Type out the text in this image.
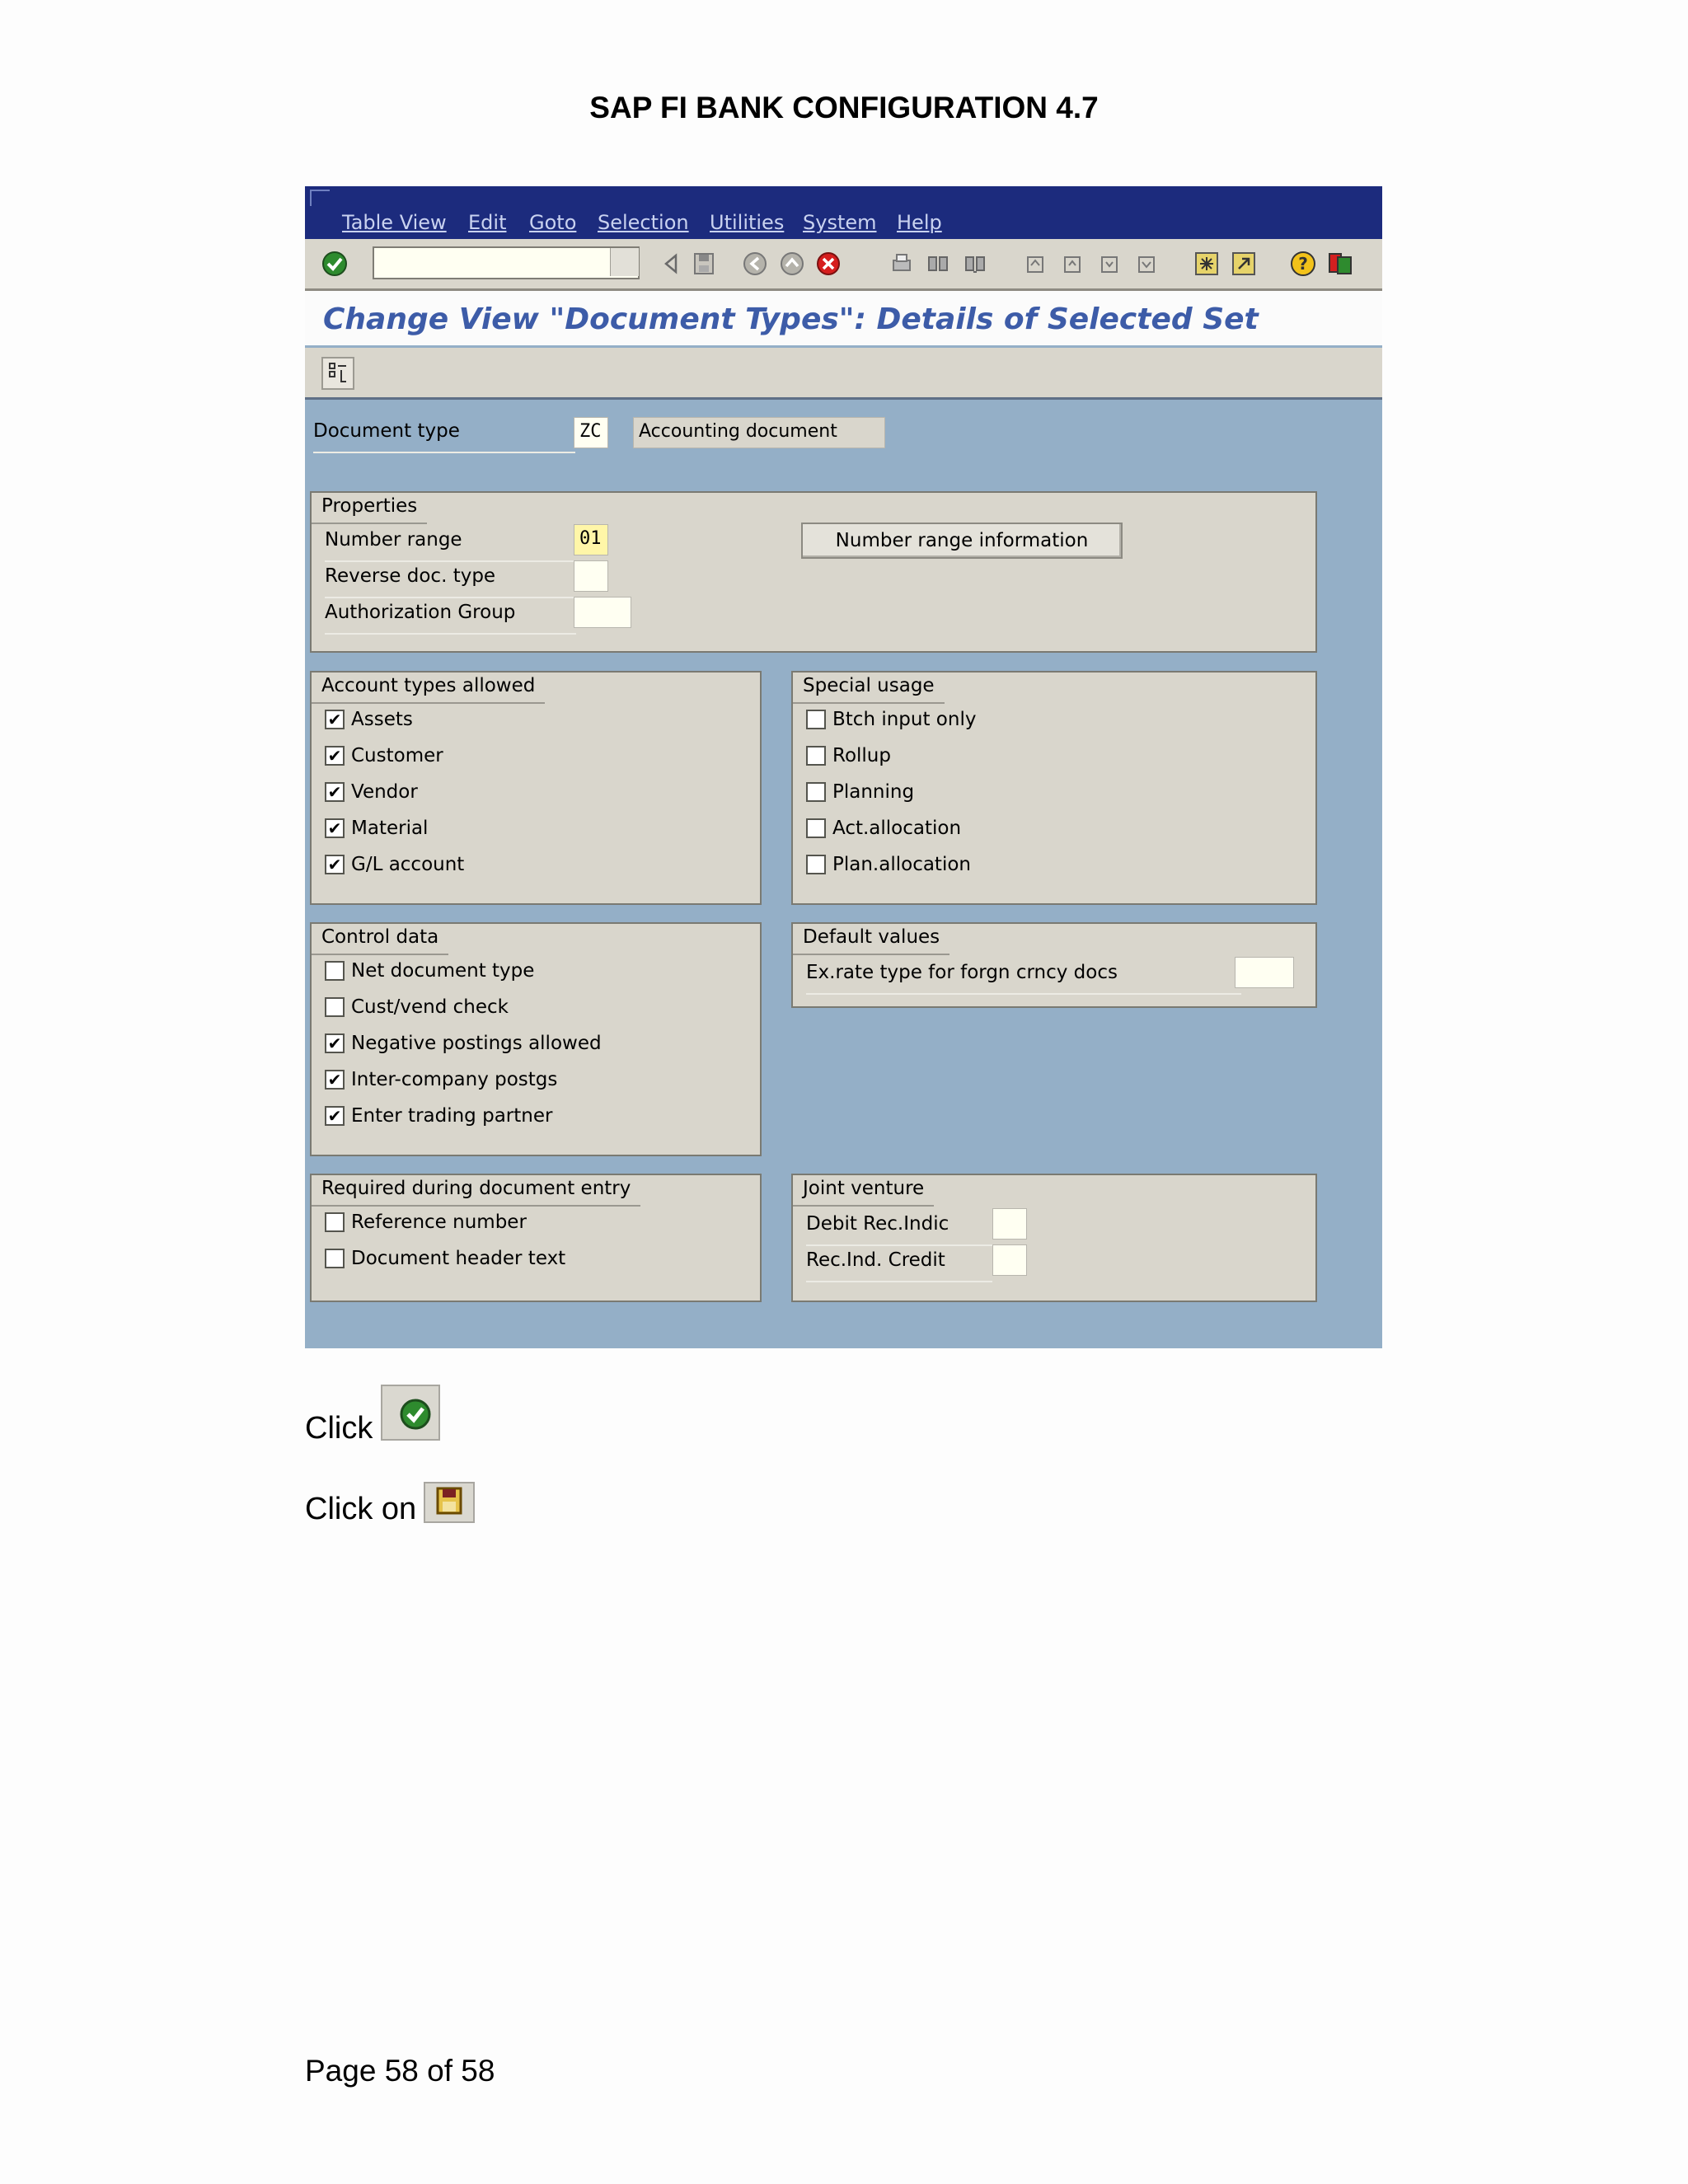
SAP FI BANK CONFIGURATION 4.7
Table View Edit Goto Selection Utilities System Help
?
Change View "Document Types": Details of Selected Set
Document type	ZC	Accounting document
Properties
Number range	01
Reverse doc. type
Authorization Group
Number range information
Account types allowed
✔ Assets
✔ Customer
✔ Vendor
✔ Material
✔ G/L account
Special usage
Btch input only
Rollup
Planning
Act.allocation
Plan.allocation
Control data
Net document type
Cust/vend check
✔ Negative postings allowed
✔ Inter-company postgs
✔ Enter trading partner
Default values
Ex.rate type for forgn crncy docs
Required during document entry
Reference number
Document header text
Joint venture
Debit Rec.Indic
Rec.Ind. Credit
Click
Click on
Page 58 of 58
